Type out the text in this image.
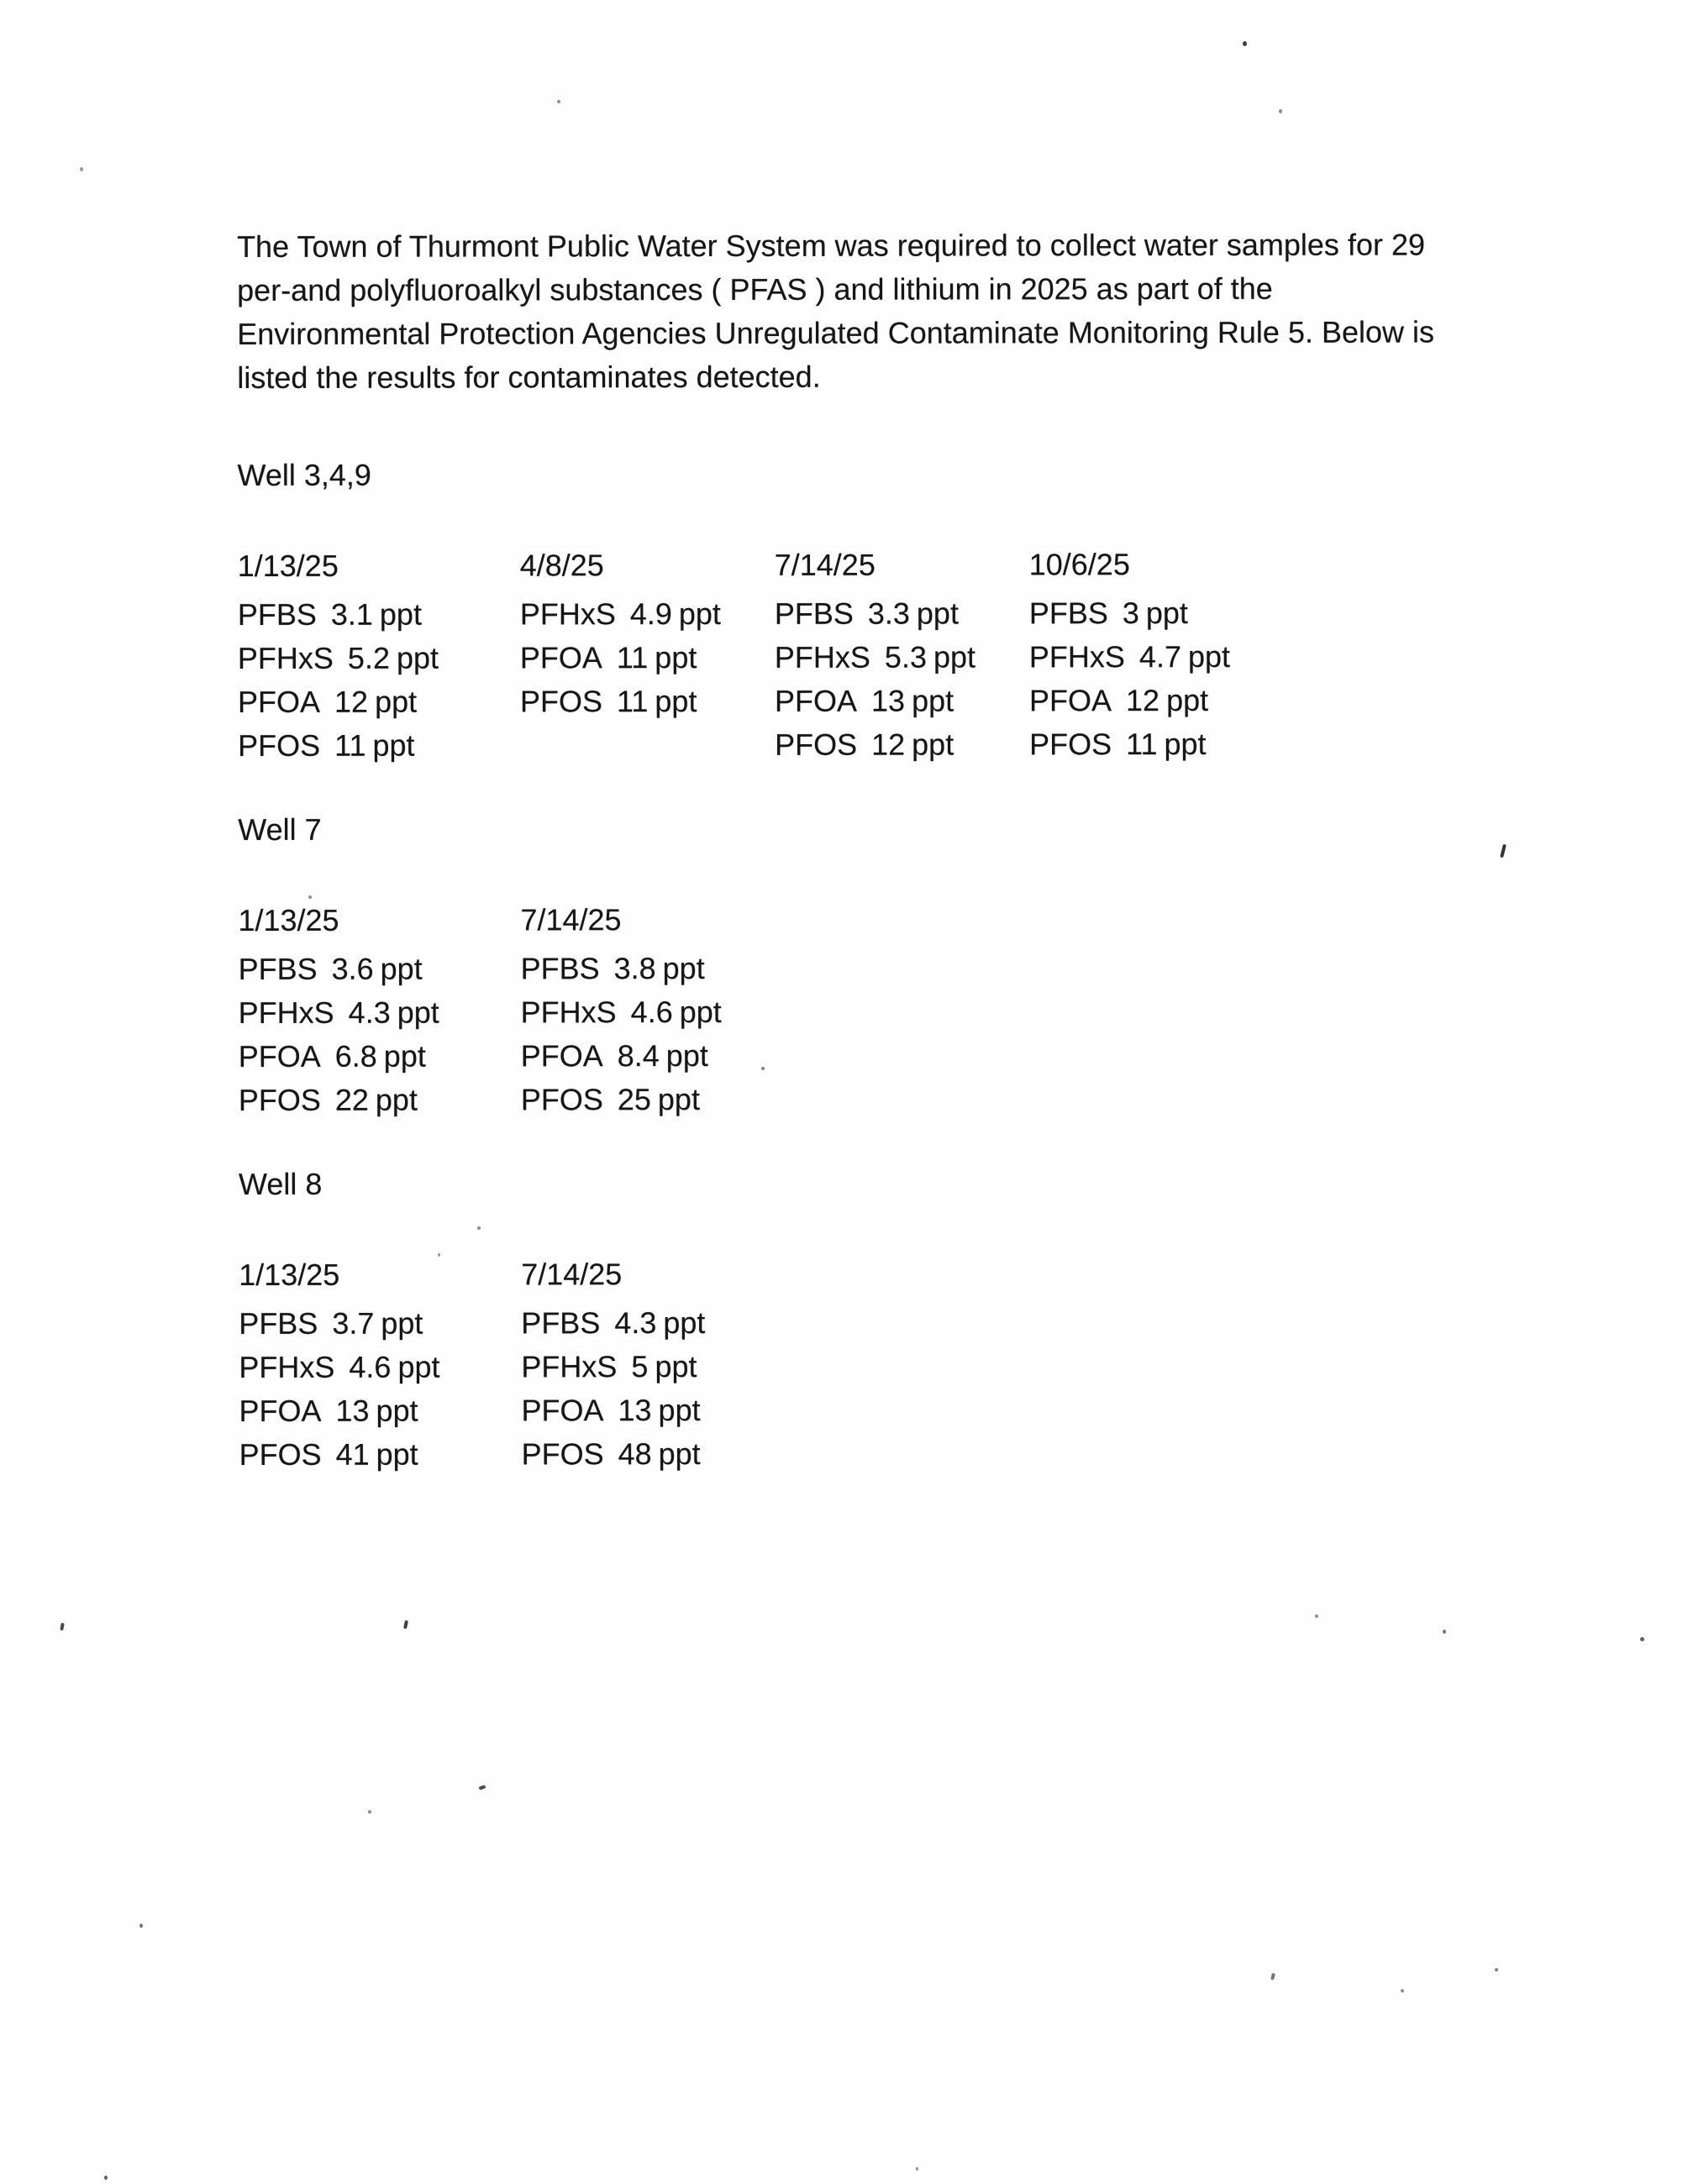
The Town of Thurmont Public Water System was required to collect water samples for 29
per-and polyfluoroalkyl substances ( PFAS ) and lithium in 2025 as part of the
Environmental Protection Agencies Unregulated Contaminate Monitoring Rule 5. Below is
listed the results for contaminates detected.
Well 3,4,9
1/13/25
PFBS 3.1 ppt
PFHxS 5.2 ppt
PFOA 12 ppt
PFOS 11 ppt
4/8/25
PFHxS 4.9 ppt
PFOA 11 ppt
PFOS 11 ppt
7/14/25
PFBS 3.3 ppt
PFHxS 5.3 ppt
PFOA 13 ppt
PFOS 12 ppt
10/6/25
PFBS 3 ppt
PFHxS 4.7 ppt
PFOA 12 ppt
PFOS 11 ppt
Well 7
1/13/25
PFBS 3.6 ppt
PFHxS 4.3 ppt
PFOA 6.8 ppt
PFOS 22 ppt
7/14/25
PFBS 3.8 ppt
PFHxS 4.6 ppt
PFOA 8.4 ppt
PFOS 25 ppt
Well 8
1/13/25
PFBS 3.7 ppt
PFHxS 4.6 ppt
PFOA 13 ppt
PFOS 41 ppt
7/14/25
PFBS 4.3 ppt
PFHxS 5 ppt
PFOA 13 ppt
PFOS 48 ppt
